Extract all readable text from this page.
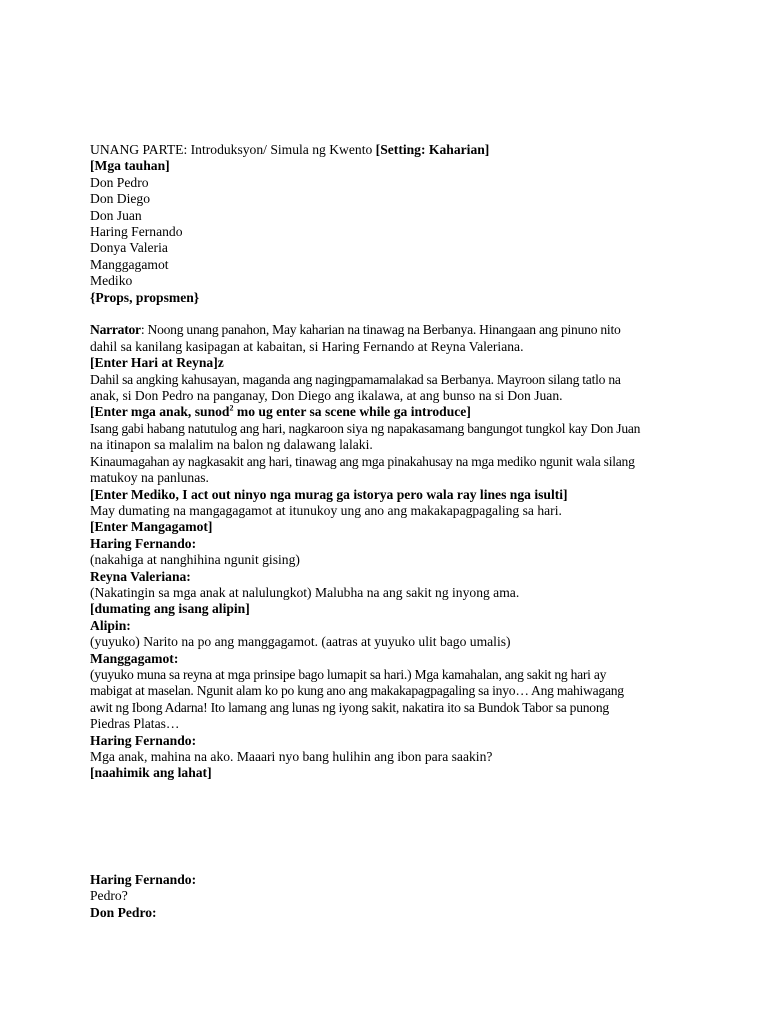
UNANG PARTE: Introduksyon/ Simula ng Kwento [Setting: Kaharian]
[Mga tauhan]
Don Pedro
Don Diego
Don Juan
Haring Fernando
Donya Valeria
Manggagamot
Mediko
{Props, propsmen}
Narrator: Noong unang panahon, May kaharian na tinawag na Berbanya. Hinangaan ang pinuno nito
dahil sa kanilang kasipagan at kabaitan, si Haring Fernando at Reyna Valeriana.
[Enter Hari at Reyna]z
Dahil sa angking kahusayan, maganda ang nagingpamamalakad sa Berbanya. Mayroon silang tatlo na
anak, si Don Pedro na panganay, Don Diego ang ikalawa, at ang bunso na si Don Juan.
[Enter mga anak, sunod$^2$ mo ug enter sa scene while ga introduce]
Isang gabi habang natutulog ang hari, nagkaroon siya ng napakasamang bangungot tungkol kay Don Juan
na itinapon sa malalim na balon ng dalawang lalaki.
Kinaumagahan ay nagkasakit ang hari, tinawag ang mga pinakahusay na mga mediko ngunit wala silang
matukoy na panlunas.
[Enter Mediko, I act out ninyo nga murag ga istorya pero wala ray lines nga isulti]
May dumating na mangagagamot at itunukoy ung ano ang makakapagpagaling sa hari.
[Enter Mangagamot]
Haring Fernando:
(nakahiga at nanghihina ngunit gising)
Reyna Valeriana:
(Nakatingin sa mga anak at nalulungkot) Malubha na ang sakit ng inyong ama.
[dumating ang isang alipin]
Alipin:
(yuyuko) Narito na po ang manggagamot. (aatras at yuyuko ulit bago umalis)
Manggagamot:
(yuyuko muna sa reyna at mga prinsipe bago lumapit sa hari.) Mga kamahalan, ang sakit ng hari ay
mabigat at maselan. Ngunit alam ko po kung ano ang makakapagpagaling sa inyo… Ang mahiwagang
awit ng Ibong Adarna! Ito lamang ang lunas ng iyong sakit, nakatira ito sa Bundok Tabor sa punong
Piedras Platas…
Haring Fernando:
Mga anak, mahina na ako. Maaari nyo bang hulihin ang ibon para saakin?
[naahimik ang lahat]
Haring Fernando:
Pedro?
Don Pedro:
